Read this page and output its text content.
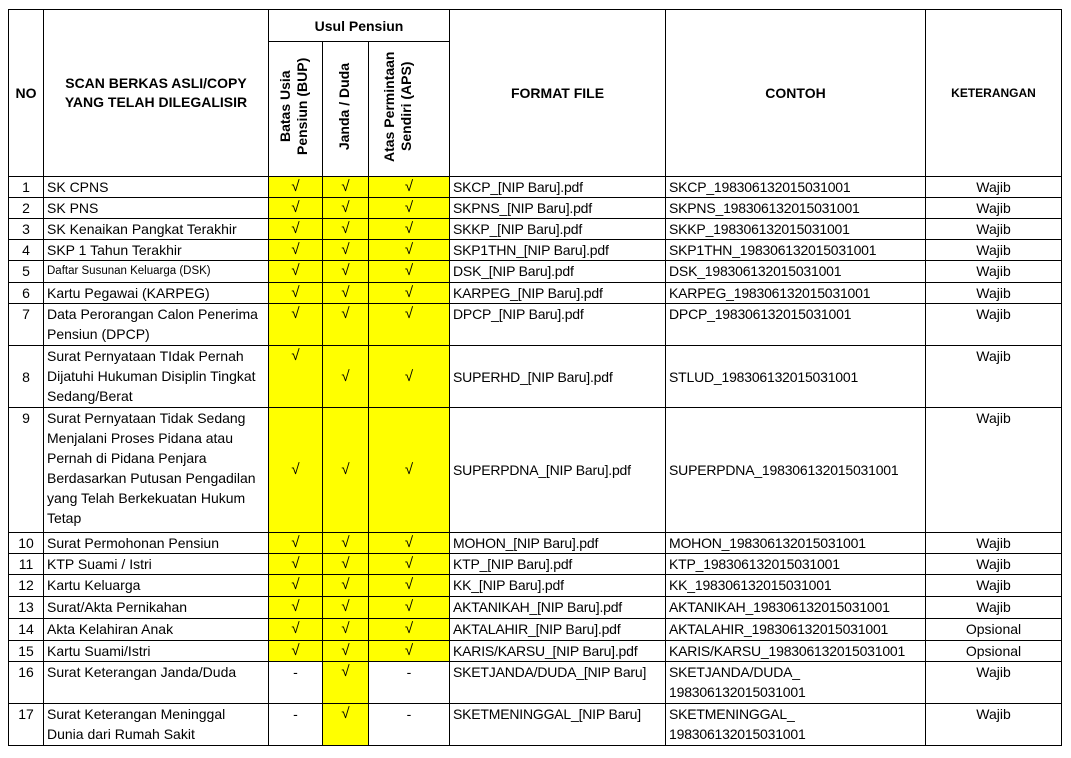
NO	SCAN BERKAS ASLI/COPY YANG TELAH DILEGALISIR	Usul Pensiun			FORMAT FILE	CONTOH	KETERANGAN
		Batas Usia Pensiun (BUP)	Janda / Duda	Atas Permintaan Sendiri (APS)			
1	SK CPNS	√	√	√	SKCP_[NIP Baru].pdf	SKCP_198306132015031001	Wajib
2	SK PNS	√	√	√	SKPNS_[NIP Baru].pdf	SKPNS_198306132015031001	Wajib
3	SK Kenaikan Pangkat Terakhir	√	√	√	SKKP_[NIP Baru].pdf	SKKP_198306132015031001	Wajib
4	SKP 1 Tahun Terakhir	√	√	√	SKP1THN_[NIP Baru].pdf	SKP1THN_198306132015031001	Wajib
5	Daftar Susunan Keluarga (DSK)	√	√	√	DSK_[NIP Baru].pdf	DSK_198306132015031001	Wajib
6	Kartu Pegawai (KARPEG)	√	√	√	KARPEG_[NIP Baru].pdf	KARPEG_198306132015031001	Wajib
7	Data Perorangan Calon Penerima Pensiun (DPCP)	√	√	√	DPCP_[NIP Baru].pdf	DPCP_198306132015031001	Wajib
8	Surat Pernyataan TIdak Pernah Dijatuhi Hukuman Disiplin Tingkat Sedang/Berat	√	√	√	SUPERHD_[NIP Baru].pdf	STLUD_198306132015031001	Wajib
9	Surat Pernyataan Tidak Sedang Menjalani Proses Pidana atau Pernah di Pidana Penjara Berdasarkan Putusan Pengadilan yang Telah Berkekuatan Hukum Tetap	√	√	√	SUPERPDNA_[NIP Baru].pdf	SUPERPDNA_198306132015031001	Wajib
10	Surat Permohonan Pensiun	√	√	√	MOHON_[NIP Baru].pdf	MOHON_198306132015031001	Wajib
11	KTP Suami / Istri	√	√	√	KTP_[NIP Baru].pdf	KTP_198306132015031001	Wajib
12	Kartu Keluarga	√	√	√	KK_[NIP Baru].pdf	KK_198306132015031001	Wajib
13	Surat/Akta Pernikahan	√	√	√	AKTANIKAH_[NIP Baru].pdf	AKTANIKAH_198306132015031001	Wajib
14	Akta Kelahiran Anak	√	√	√	AKTALAHIR_[NIP Baru].pdf	AKTALAHIR_198306132015031001	Opsional
15	Kartu Suami/Istri	√	√	√	KARIS/KARSU_[NIP Baru].pdf	KARIS/KARSU_198306132015031001	Opsional
16	Surat Keterangan Janda/Duda	-	√	-	SKETJANDA/DUDA_[NIP Baru]	SKETJANDA/DUDA_ 198306132015031001	Wajib
17	Surat Keterangan Meninggal Dunia dari Rumah Sakit	-	√	-	SKETMENINGGAL_[NIP Baru]	SKETMENINGGAL_ 198306132015031001	Wajib
